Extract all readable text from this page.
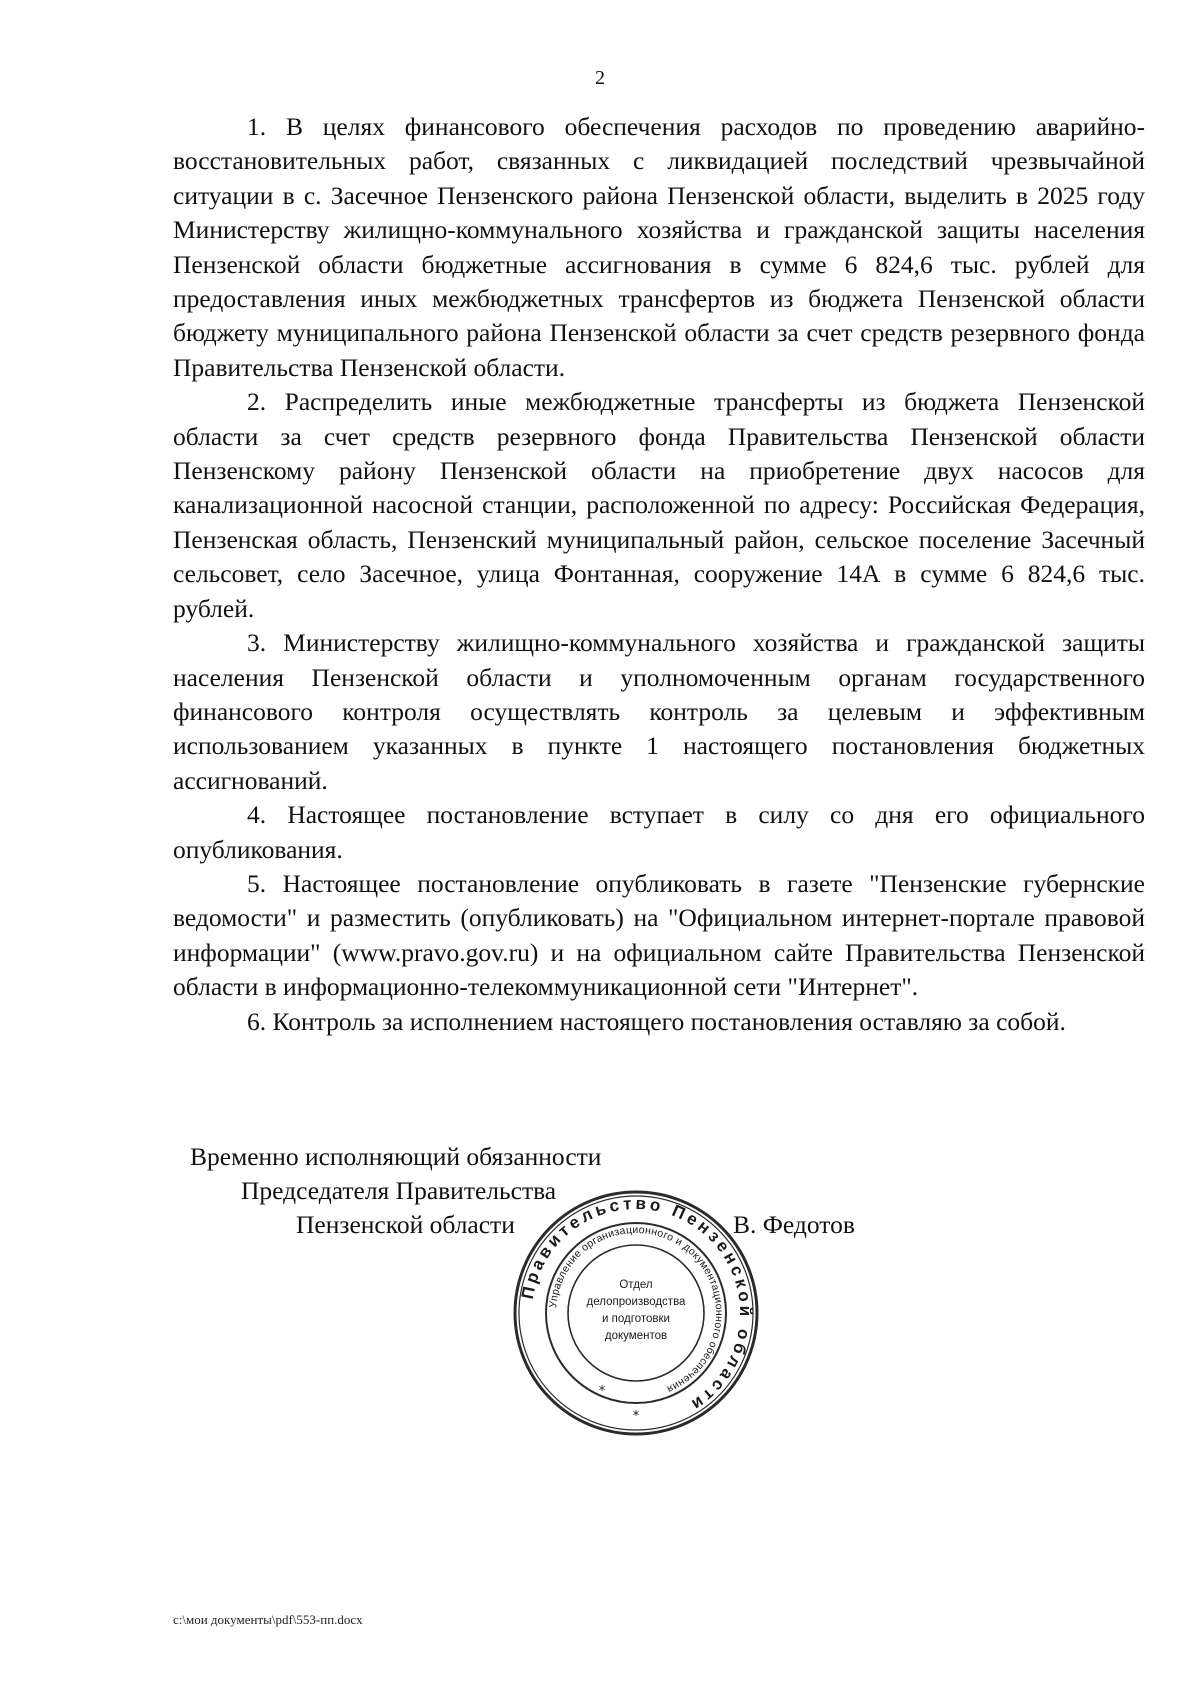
2

1. В целях финансового обеспечения расходов по проведению аварийно-восстановительных работ, связанных с ликвидацией последствий чрезвычайной ситуации в с. Засечное Пензенского района Пензенской области, выделить в 2025 году Министерству жилищно-коммунального хозяйства и гражданской защиты населения Пензенской области бюджетные ассигнования в сумме 6 824,6 тыс. рублей для предоставления иных межбюджетных трансфертов из бюджета Пензенской области бюджету муниципального района Пензенской области за счет средств резервного фонда Правительства Пензенской области.

2. Распределить иные межбюджетные трансферты из бюджета Пензенской области за счет средств резервного фонда Правительства Пензенской области Пензенскому району Пензенской области на приобретение двух насосов для канализационной насосной станции, расположенной по адресу: Российская Федерация, Пензенская область, Пензенский муниципальный район, сельское поселение Засечный сельсовет, село Засечное, улица Фонтанная, сооружение 14А в сумме 6 824,6 тыс. рублей.

3. Министерству жилищно-коммунального хозяйства и гражданской защиты населения Пензенской области и уполномоченным органам государственного финансового контроля осуществлять контроль за целевым и эффективным использованием указанных в пункте 1 настоящего постановления бюджетных ассигнований.

4. Настоящее постановление вступает в силу со дня его официального опубликования.

5. Настоящее постановление опубликовать в газете "Пензенские губернские ведомости" и разместить (опубликовать) на "Официальном интернет-портале правовой информации" (www.pravo.gov.ru) и на официальном сайте Правительства Пензенской области в информационно-телекоммуникационной сети "Интернет".

6. Контроль за исполнением настоящего постановления оставляю за собой.

Временно исполняющий обязанности
Председателя Правительства
Пензенской области	В. Федотов
Правительство Пензенской области
Управление организационного и документационного обеспечения
Отдел
делопроизводства
и подготовки
документов
*
*
c:\мои документы\pdf\553-пп.docx
